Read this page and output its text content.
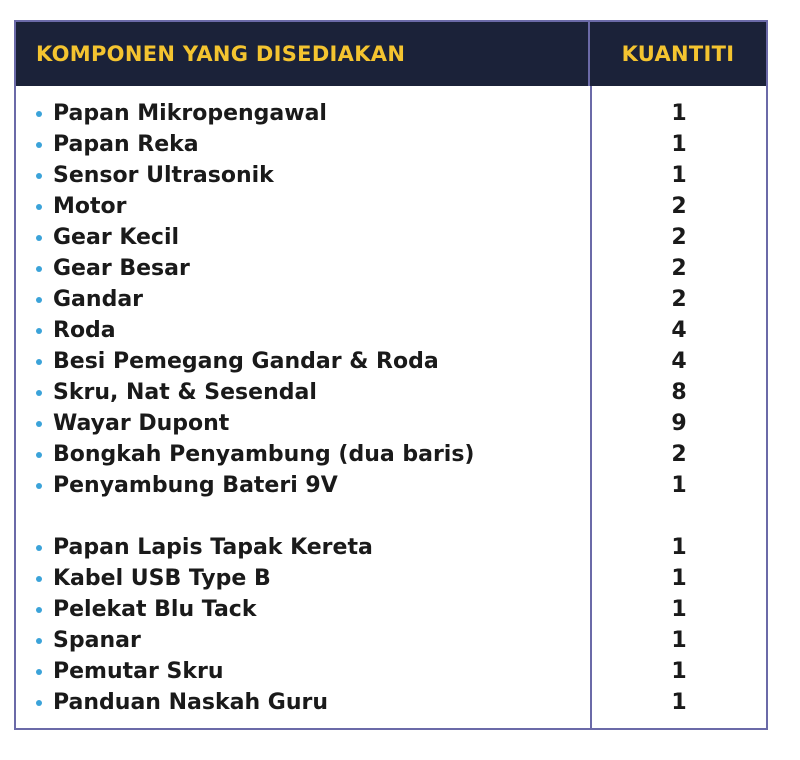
KOMPONEN YANG DISEDIAKAN	KUANTITI
Papan Mikropengawal	1
Papan Reka	1
Sensor Ultrasonik	1
Motor	2
Gear Kecil	2
Gear Besar	2
Gandar	2
Roda	4
Besi Pemegang Gandar & Roda	4
Skru, Nat & Sesendal	8
Wayar Dupont	9
Bongkah Penyambung (dua baris)	2
Penyambung Bateri 9V	1
Papan Lapis Tapak Kereta	1
Kabel USB Type B	1
Pelekat Blu Tack	1
Spanar	1
Pemutar Skru	1
Panduan Naskah Guru	1
